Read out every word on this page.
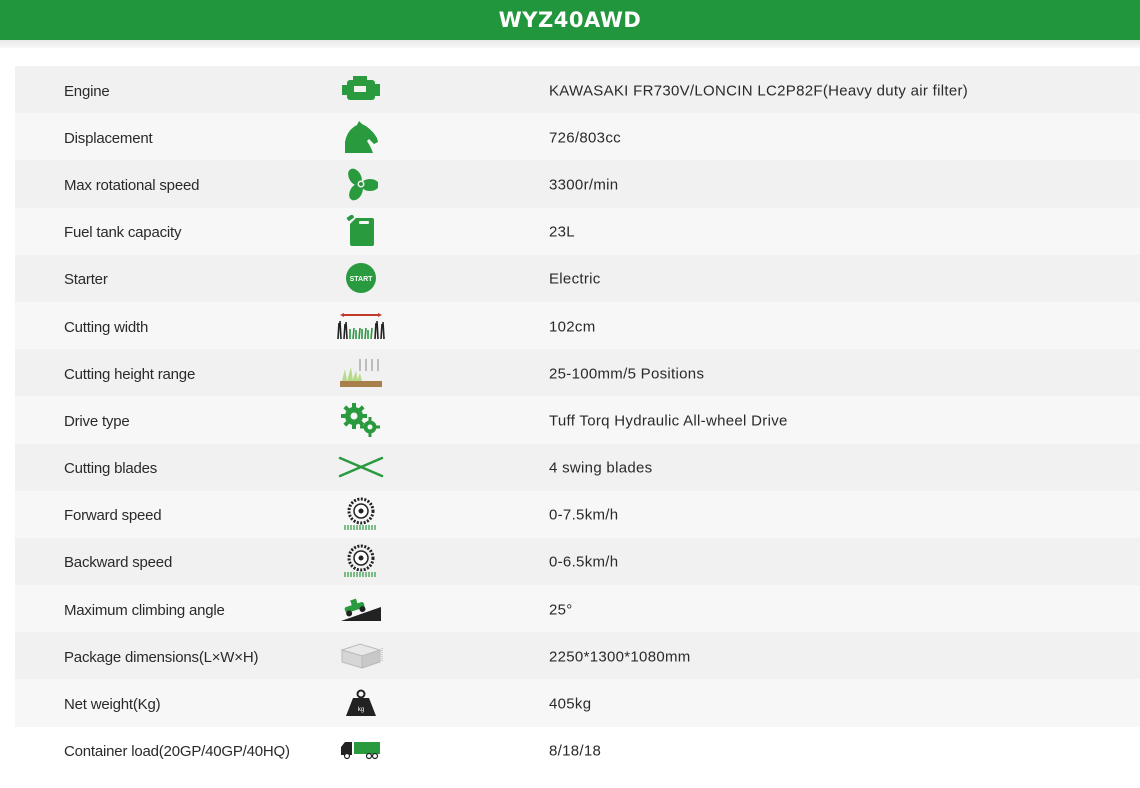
WYZ40AWD
Engine	KAWASAKI FR730V/LONCIN LC2P82F(Heavy duty air filter)
Displacement	726/803cc
Max rotational speed	3300r/min
Fuel tank capacity	23L
Starter	START	Electric
Cutting width	102cm
Cutting height range	25-100mm/5 Positions
Drive type	Tuff Torq Hydraulic All-wheel Drive
Cutting blades	4 swing blades
Forward speed	0-7.5km/h
Backward speed	0-6.5km/h
Maximum climbing angle	25°
Package dimensions(L×W×H)	2250*1300*1080mm
Net weight(Kg)	kg	405kg
Container load(20GP/40GP/40HQ)	8/18/18
